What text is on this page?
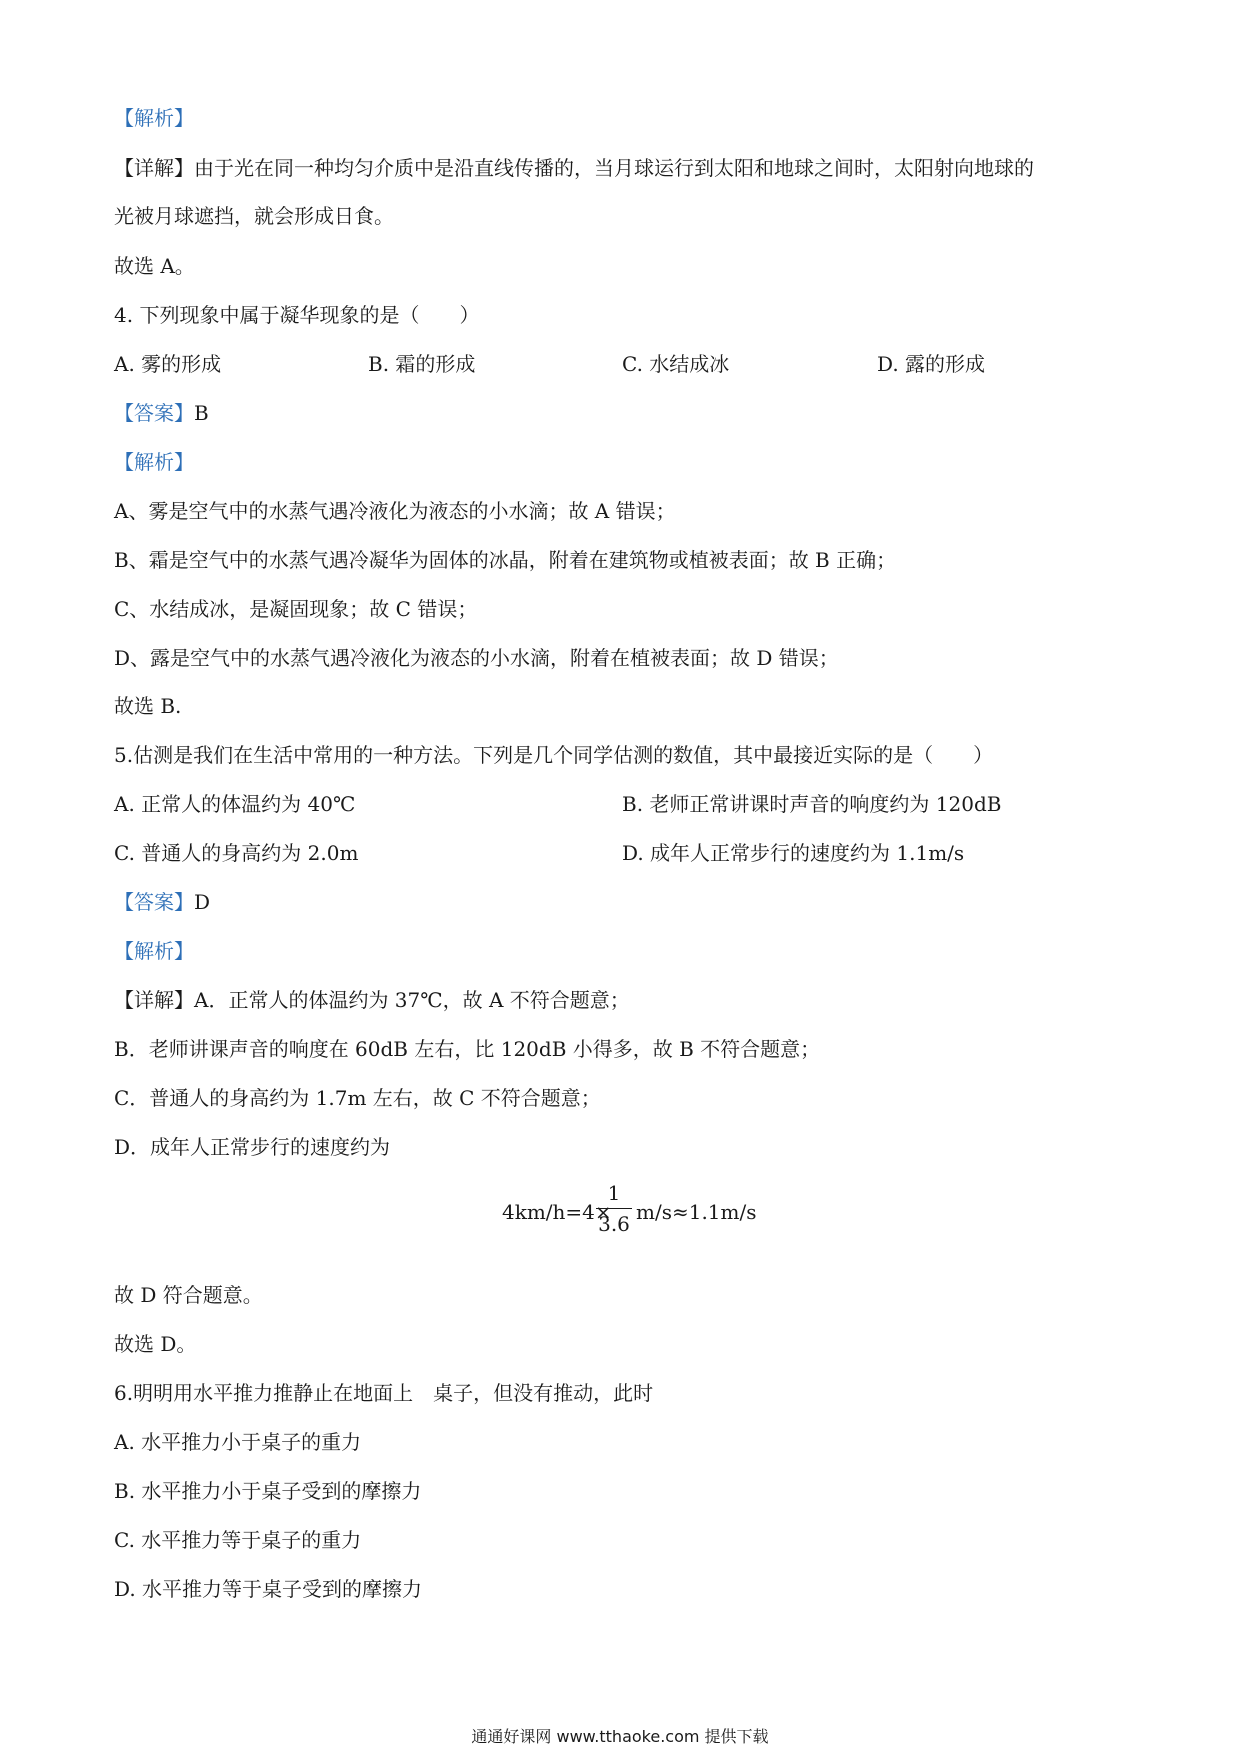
【解析】
【详解】由于光在同一种均匀介质中是沿直线传播的，当月球运行到太阳和地球之间时，太阳射向地球的
光被月球遮挡，就会形成日食。
故选 A。
4. 下列现象中属于凝华现象的是（　　）
A. 雾的形成	B. 霜的形成	C. 水结成冰	D. 露的形成
【答案】B
【解析】
A、雾是空气中的水蒸气遇冷液化为液态的小水滴；故 A 错误；
B、霜是空气中的水蒸气遇冷凝华为固体的冰晶，附着在建筑物或植被表面；故 B 正确；
C、水结成冰，是凝固现象；故 C 错误；
D、露是空气中的水蒸气遇冷液化为液态的小水滴，附着在植被表面；故 D 错误；
故选 B.
5.估测是我们在生活中常用的一种方法。下列是几个同学估测的数值，其中最接近实际的是（　　）
A. 正常人的体温约为 40℃	B. 老师正常讲课时声音的响度约为 120dB
C. 普通人的身高约为 2.0m	D. 成年人正常步行的速度约为 1.1m/s
【答案】D
【解析】
【详解】A．正常人的体温约为 37℃，故 A 不符合题意；
B．老师讲课声音的响度在 60dB 左右，比 120dB 小得多，故 B 不符合题意；
C．普通人的身高约为 1.7m 左右，故 C 不符合题意；
D．成年人正常步行的速度约为
4km/h=4×
1
3.6 m/s≈1.1m/s
故 D 符合题意。
故选 D。
6.明明用水平推力推静止在地面上　桌子，但没有推动，此时
A. 水平推力小于桌子的重力
B. 水平推力小于桌子受到的摩擦力
C. 水平推力等于桌子的重力
D. 水平推力等于桌子受到的摩擦力
通通好课网 www.tthaoke.com 提供下载
